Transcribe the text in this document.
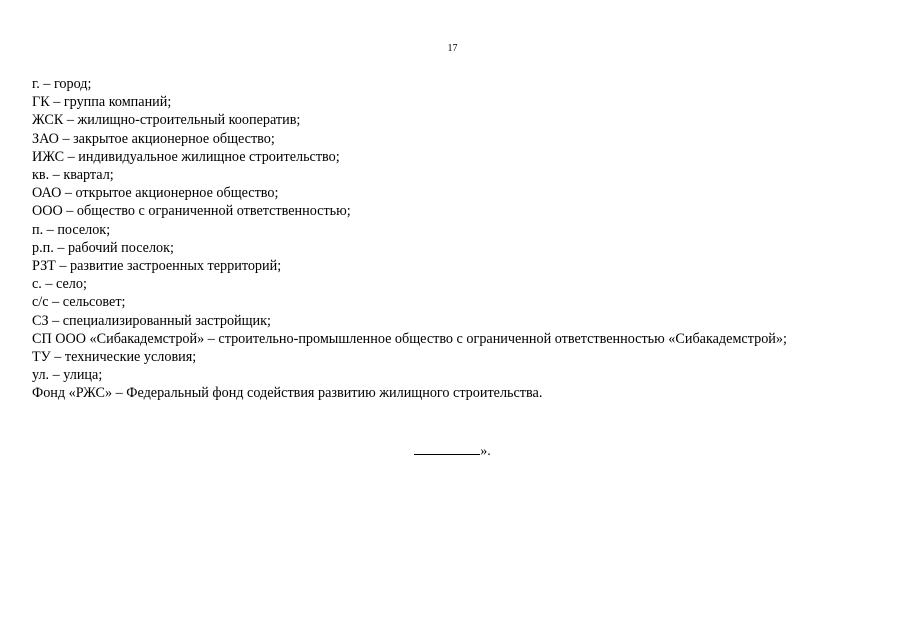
17
г. – город;
ГК – группа компаний;
ЖСК – жилищно-строительный кооператив;
ЗАО – закрытое акционерное общество;
ИЖС – индивидуальное жилищное строительство;
кв. – квартал;
ОАО – открытое акционерное общество;
ООО – общество с ограниченной ответственностью;
п. – поселок;
р.п. – рабочий поселок;
РЗТ – развитие застроенных территорий;
с. – село;
с/с – сельсовет;
СЗ – специализированный застройщик;
СП ООО «Сибакадемстрой» – строительно-промышленное общество с ограниченной ответственностью «Сибакадемстрой»;
ТУ – технические условия;
ул. – улица;
Фонд «РЖС» – Федеральный фонд содействия развитию жилищного строительства.
».
